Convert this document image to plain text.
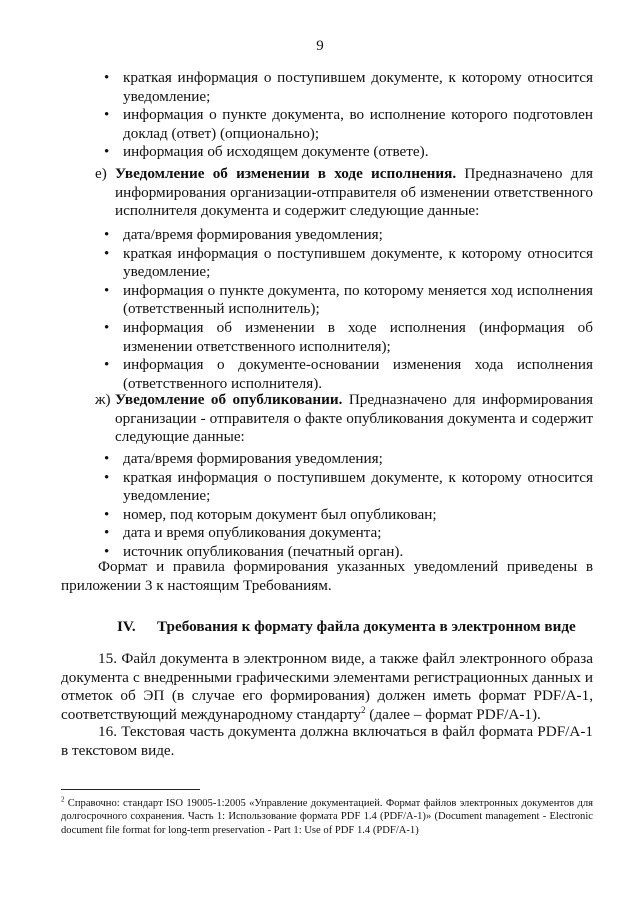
9
• краткая информация о поступившем документе, к которому относится уведомление;
• информация о пункте документа, во исполнение которого подготовлен доклад (ответ) (опционально);
• информация об исходящем документе (ответе).
е) Уведомление об изменении в ходе исполнения. Предназначено для информирования организации-отправителя об изменении ответственного исполнителя документа и содержит следующие данные:
• дата/время формирования уведомления;
• краткая информация о поступившем документе, к которому относится уведомление;
• информация о пункте документа, по которому меняется ход исполнения (ответственный исполнитель);
• информация об изменении в ходе исполнения (информация об изменении ответственного исполнителя);
• информация о документе-основании изменения хода исполнения (ответственного исполнителя).
ж) Уведомление об опубликовании. Предназначено для информирования организации - отправителя о факте опубликования документа и содержит следующие данные:
• дата/время формирования уведомления;
• краткая информация о поступившем документе, к которому относится уведомление;
• номер, под которым документ был опубликован;
• дата и время опубликования документа;
• источник опубликования (печатный орган).
Формат и правила формирования указанных уведомлений приведены в приложении 3 к настоящим Требованиям.
IV. Требования к формату файла документа в электронном виде
15. Файл документа в электронном виде, а также файл электронного образа документа с внедренными графическими элементами регистрационных данных и отметок об ЭП (в случае его формирования) должен иметь формат PDF/A-1, соответствующий международному стандарту$^2$ (далее – формат PDF/A-1).
16. Текстовая часть документа должна включаться в файл формата PDF/A-1 в текстовом виде.
$^2$ Справочно: стандарт ISO 19005-1:2005 «Управление документацией. Формат файлов электронных документов для долгосрочного сохранения. Часть 1: Использование формата PDF 1.4 (PDF/A-1)» (Document management - Electronic document file format for long-term preservation - Part 1: Use of PDF 1.4 (PDF/A-1)
